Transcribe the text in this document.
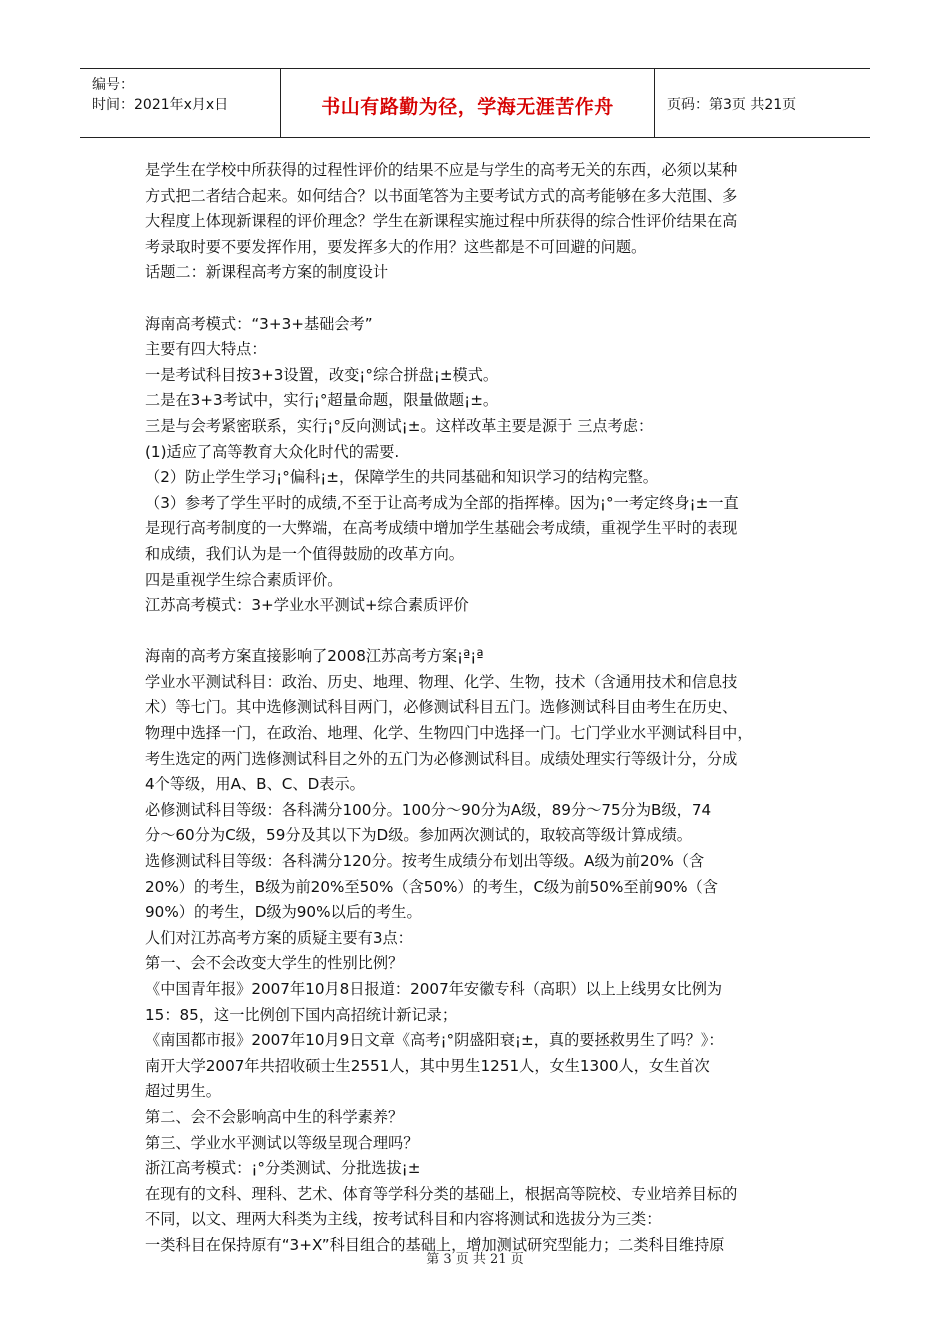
编号：
时间：2021年x月x日	书山有路勤为径，学海无涯苦作舟	页码：第3页 共21页
是学生在学校中所获得的过程性评价的结果不应是与学生的高考无关的东西，必须以某种
方式把二者结合起来。如何结合？以书面笔答为主要考试方式的高考能够在多大范围、多
大程度上体现新课程的评价理念？学生在新课程实施过程中所获得的综合性评价结果在高
考录取时要不要发挥作用，要发挥多大的作用？这些都是不可回避的问题。
话题二：新课程高考方案的制度设计
海南高考模式：“3+3+基础会考”
主要有四大特点：
一是考试科目按3+3设置，改变¡°综合拼盘¡±模式。
二是在3+3考试中，实行¡°超量命题，限量做题¡±。
三是与会考紧密联系，实行¡°反向测试¡±。这样改革主要是源于 三点考虑：
(1)适应了高等教育大众化时代的需要.
（2）防止学生学习¡°偏科¡±，保障学生的共同基础和知识学习的结构完整。
（3）参考了学生平时的成绩,不至于让高考成为全部的指挥棒。因为¡°一考定终身¡±一直
是现行高考制度的一大弊端，在高考成绩中增加学生基础会考成绩，重视学生平时的表现
和成绩，我们认为是一个值得鼓励的改革方向。
四是重视学生综合素质评价。
江苏高考模式：3+学业水平测试+综合素质评价
海南的高考方案直接影响了2008江苏高考方案¡ª¡ª
学业水平测试科目：政治、历史、地理、物理、化学、生物，技术（含通用技术和信息技
术）等七门。其中选修测试科目两门，必修测试科目五门。选修测试科目由考生在历史、
物理中选择一门，在政治、地理、化学、生物四门中选择一门。七门学业水平测试科目中，
考生选定的两门选修测试科目之外的五门为必修测试科目。成绩处理实行等级计分，分成
4个等级，用A、B、C、D表示。
必修测试科目等级：各科满分100分。100分～90分为A级，89分～75分为B级，74
分～60分为C级，59分及其以下为D级。参加两次测试的，取较高等级计算成绩。
选修测试科目等级：各科满分120分。按考生成绩分布划出等级。A级为前20%（含
20%）的考生，B级为前20%至50%（含50%）的考生，C级为前50%至前90%（含
90%）的考生，D级为90%以后的考生。
人们对江苏高考方案的质疑主要有3点：
第一、会不会改变大学生的性别比例？
《中国青年报》2007年10月8日报道：2007年安徽专科（高职）以上上线男女比例为
15：85，这一比例创下国内高招统计新记录；
《南国都市报》2007年10月9日文章《高考¡°阴盛阳衰¡±，真的要拯救男生了吗？》：
南开大学2007年共招收硕士生2551人，其中男生1251人，女生1300人，女生首次
超过男生。
第二、会不会影响高中生的科学素养？
第三、学业水平测试以等级呈现合理吗？
浙江高考模式：¡°分类测试、分批选拔¡±
在现有的文科、理科、艺术、体育等学科分类的基础上，根据高等院校、专业培养目标的
不同，以文、理两大科类为主线，按考试科目和内容将测试和选拔分为三类：
一类科目在保持原有“3+X”科目组合的基础上，增加测试研究型能力；二类科目维持原
第 3 页 共 21 页
